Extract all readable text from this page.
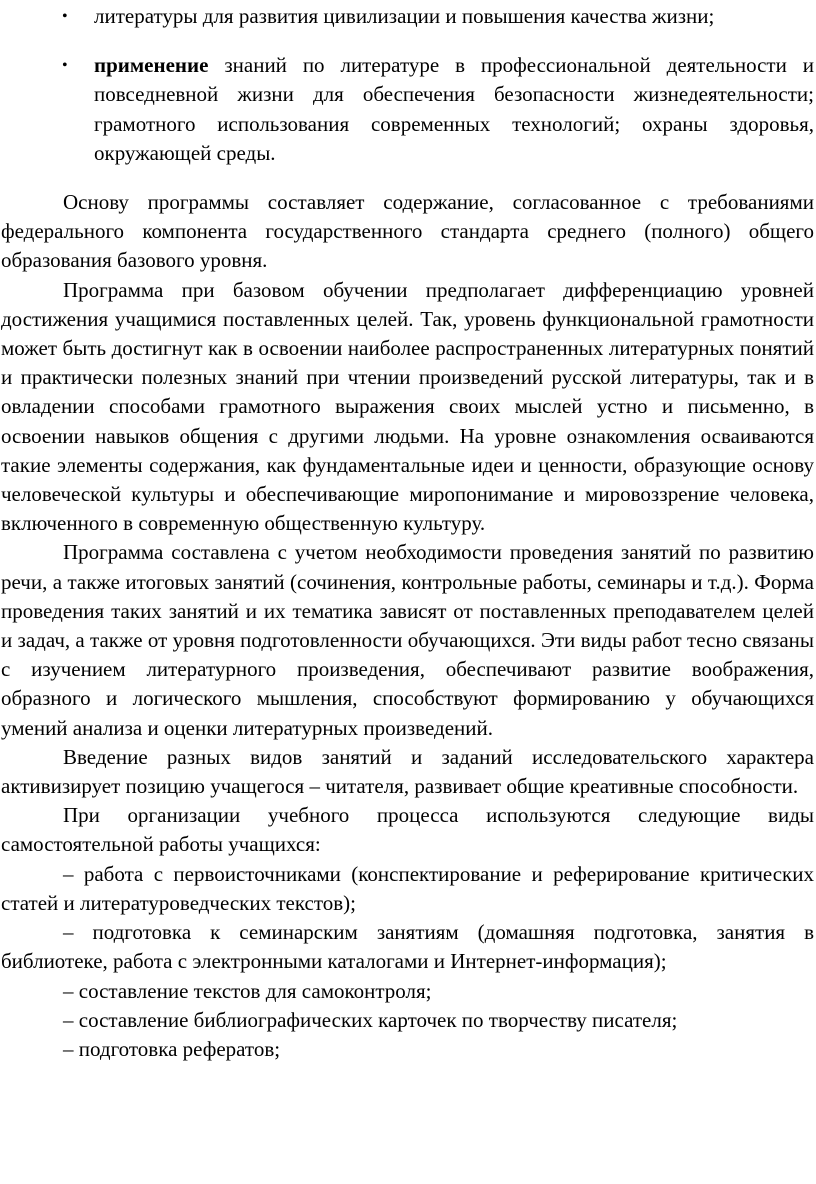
• литературы для развития цивилизации и повышения качества жизни;
• применение знаний по литературе в профессиональной деятельности и повседневной жизни для обеспечения безопасности жизнедеятельности; грамотного использования современных технологий; охраны здоровья, окружающей среды.

Основу программы составляет содержание, согласованное с требованиями федерального компонента государственного стандарта среднего (полного) общего образования базового уровня.

Программа при базовом обучении предполагает дифференциацию уровней достижения учащимися поставленных целей. Так, уровень функциональной грамотности может быть достигнут как в освоении наиболее распространенных литературных понятий и практически полезных знаний при чтении произведений русской литературы, так и в овладении способами грамотного выражения своих мыслей устно и письменно, в освоении навыков общения с другими людьми. На уровне ознакомления осваиваются такие элементы содержания, как фундаментальные идеи и ценности, образующие основу человеческой культуры и обеспечивающие миропонимание и мировоззрение человека, включенного в современную общественную культуру.

Программа составлена с учетом необходимости проведения занятий по развитию речи, а также итоговых занятий (сочинения, контрольные работы, семинары и т.д.). Форма проведения таких занятий и их тематика зависят от поставленных преподавателем целей и задач, а также от уровня подготовленности обучающихся. Эти виды работ тесно связаны с изучением литературного произведения, обеспечивают развитие воображения, образного и логического мышления, способствуют формированию у обучающихся умений анализа и оценки литературных произведений.

Введение разных видов занятий и заданий исследовательского характера активизирует позицию учащегося – читателя, развивает общие креативные способности.

При организации учебного процесса используются следующие виды самостоятельной работы учащихся:

– работа с первоисточниками (конспектирование и реферирование критических статей и литературоведческих текстов);

– подготовка к семинарским занятиям (домашняя подготовка, занятия в библиотеке, работа с электронными каталогами и Интернет-информация);

– составление текстов для самоконтроля;

– составление библиографических карточек по творчеству писателя;

– подготовка рефератов;
